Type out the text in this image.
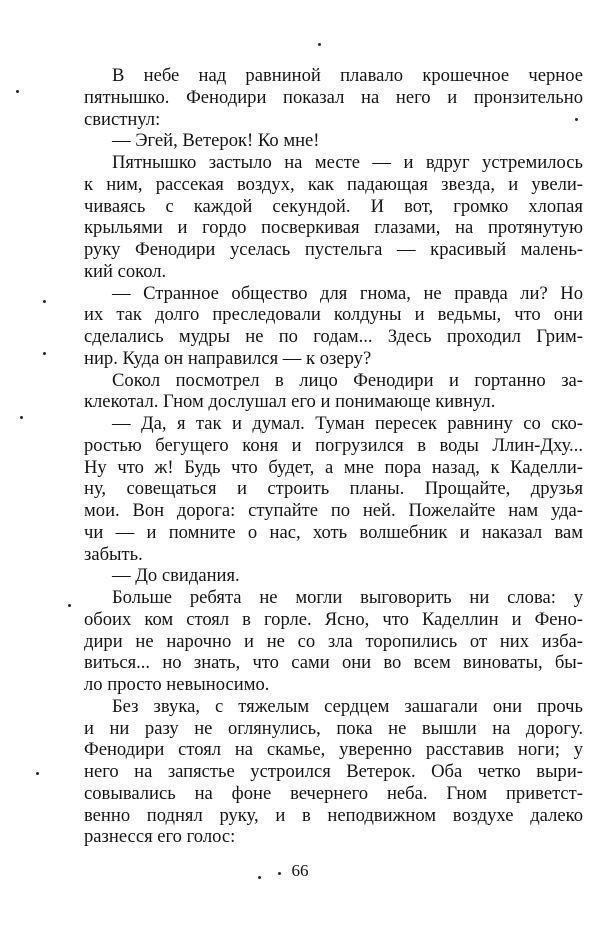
В небе над равниной плавало крошечное черное
пятнышко. Фенодири показал на него и пронзительно
свистнул:
— Эгей, Ветерок! Ко мне!
Пятнышко застыло на месте — и вдруг устремилось
к ним, рассекая воздух, как падающая звезда, и увели-
чиваясь с каждой секундой. И вот, громко хлопая
крыльями и гордо посверкивая глазами, на протянутую
руку Фенодири уселась пустельга — красивый малень-
кий сокол.
— Странное общество для гнома, не правда ли? Но
их так долго преследовали колдуны и ведьмы, что они
сделались мудры не по годам... Здесь проходил Грим-
нир. Куда он направился — к озеру?
Сокол посмотрел в лицо Фенодири и гортанно за-
клекотал. Гном дослушал его и понимающе кивнул.
— Да, я так и думал. Туман пересек равнину со ско-
ростью бегущего коня и погрузился в воды Ллин-Дху...
Ну что ж! Будь что будет, а мне пора назад, к Каделли-
ну, совещаться и строить планы. Прощайте, друзья
мои. Вон дорога: ступайте по ней. Пожелайте нам уда-
чи — и помните о нас, хоть волшебник и наказал вам
забыть.
— До свидания.
Больше ребята не могли выговорить ни слова: у
обоих ком стоял в горле. Ясно, что Каделлин и Фено-
дири не нарочно и не со зла торопились от них изба-
виться... но знать, что сами они во всем виноваты, бы-
ло просто невыносимо.
Без звука, с тяжелым сердцем зашагали они прочь
и ни разу не оглянулись, пока не вышли на дорогу.
Фенодири стоял на скамье, уверенно расставив ноги; у
него на запястье устроился Ветерок. Оба четко выри-
совывались на фоне вечернего неба. Гном приветст-
венно поднял руку, и в неподвижном воздухе далеко
разнесся его голос:
66
